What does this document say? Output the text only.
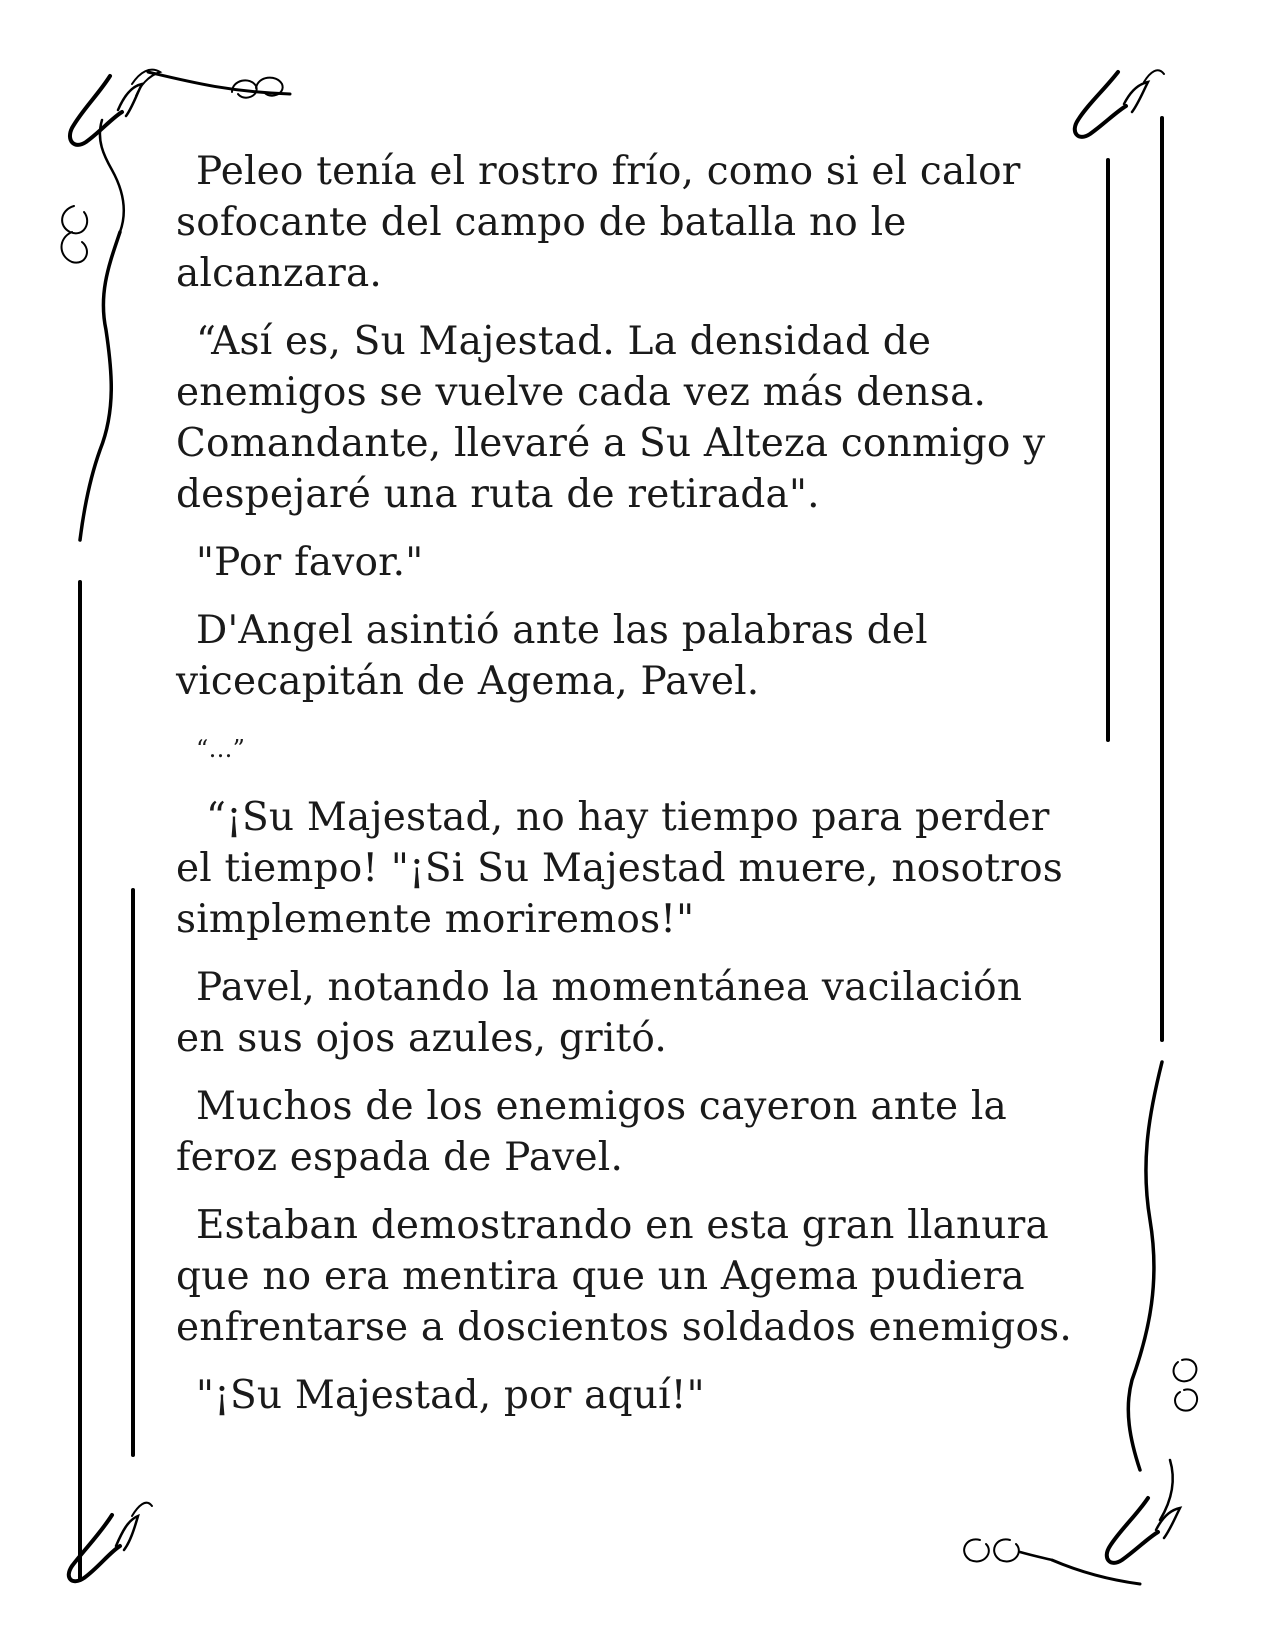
Peleo tenía el rostro frío, como si el calor sofocante del campo de batalla no le alcanzara.

“Así es, Su Majestad. La densidad de enemigos se vuelve cada vez más densa. Comandante, llevaré a Su Alteza conmigo y despejaré una ruta de retirada".

"Por favor."

D'Angel asintió ante las palabras del vicecapitán de Agema, Pavel.

“…”

“¡Su Majestad, no hay tiempo para perder el tiempo! "¡Si Su Majestad muere, nosotros simplemente moriremos!"

Pavel, notando la momentánea vacilación en sus ojos azules, gritó.

Muchos de los enemigos cayeron ante la feroz espada de Pavel.

Estaban demostrando en esta gran llanura que no era mentira que un Agema pudiera enfrentarse a doscientos soldados enemigos.

"¡Su Majestad, por aquí!"
